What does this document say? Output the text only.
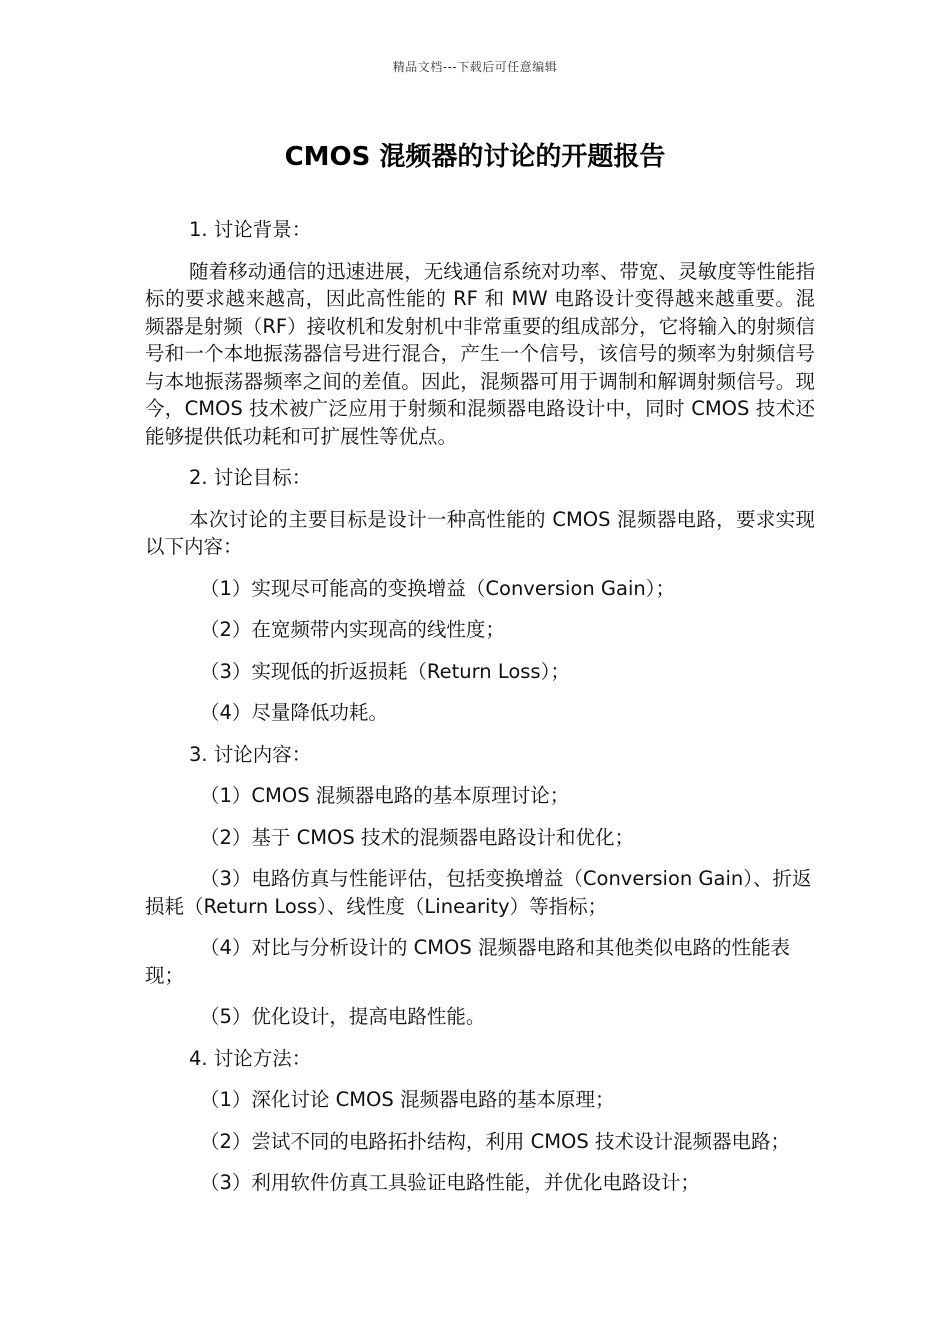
精品文档---下载后可任意编辑
CMOS 混频器的讨论的开题报告

1. 讨论背景：

随着移动通信的迅速进展，无线通信系统对功率、带宽、灵敏度等性能指标的要求越来越高，因此高性能的 RF 和 MW 电路设计变得越来越重要。混频器是射频（RF）接收机和发射机中非常重要的组成部分，它将输入的射频信号和一个本地振荡器信号进行混合，产生一个信号，该信号的频率为射频信号与本地振荡器频率之间的差值。因此，混频器可用于调制和解调射频信号。现今，CMOS 技术被广泛应用于射频和混频器电路设计中，同时 CMOS 技术还能够提供低功耗和可扩展性等优点。

2. 讨论目标：

本次讨论的主要目标是设计一种高性能的 CMOS 混频器电路，要求实现以下内容：

（1）实现尽可能高的变换增益（Conversion Gain）；

（2）在宽频带内实现高的线性度；

（3）实现低的折返损耗（Return Loss）；

（4）尽量降低功耗。

3. 讨论内容：

（1）CMOS 混频器电路的基本原理讨论；

（2）基于 CMOS 技术的混频器电路设计和优化；

（3）电路仿真与性能评估，包括变换增益（Conversion Gain）、折返损耗（Return Loss）、线性度（Linearity）等指标；

（4）对比与分析设计的 CMOS 混频器电路和其他类似电路的性能表现；

（5）优化设计，提高电路性能。

4. 讨论方法：

（1）深化讨论 CMOS 混频器电路的基本原理；

（2）尝试不同的电路拓扑结构，利用 CMOS 技术设计混频器电路；

（3）利用软件仿真工具验证电路性能，并优化电路设计；
